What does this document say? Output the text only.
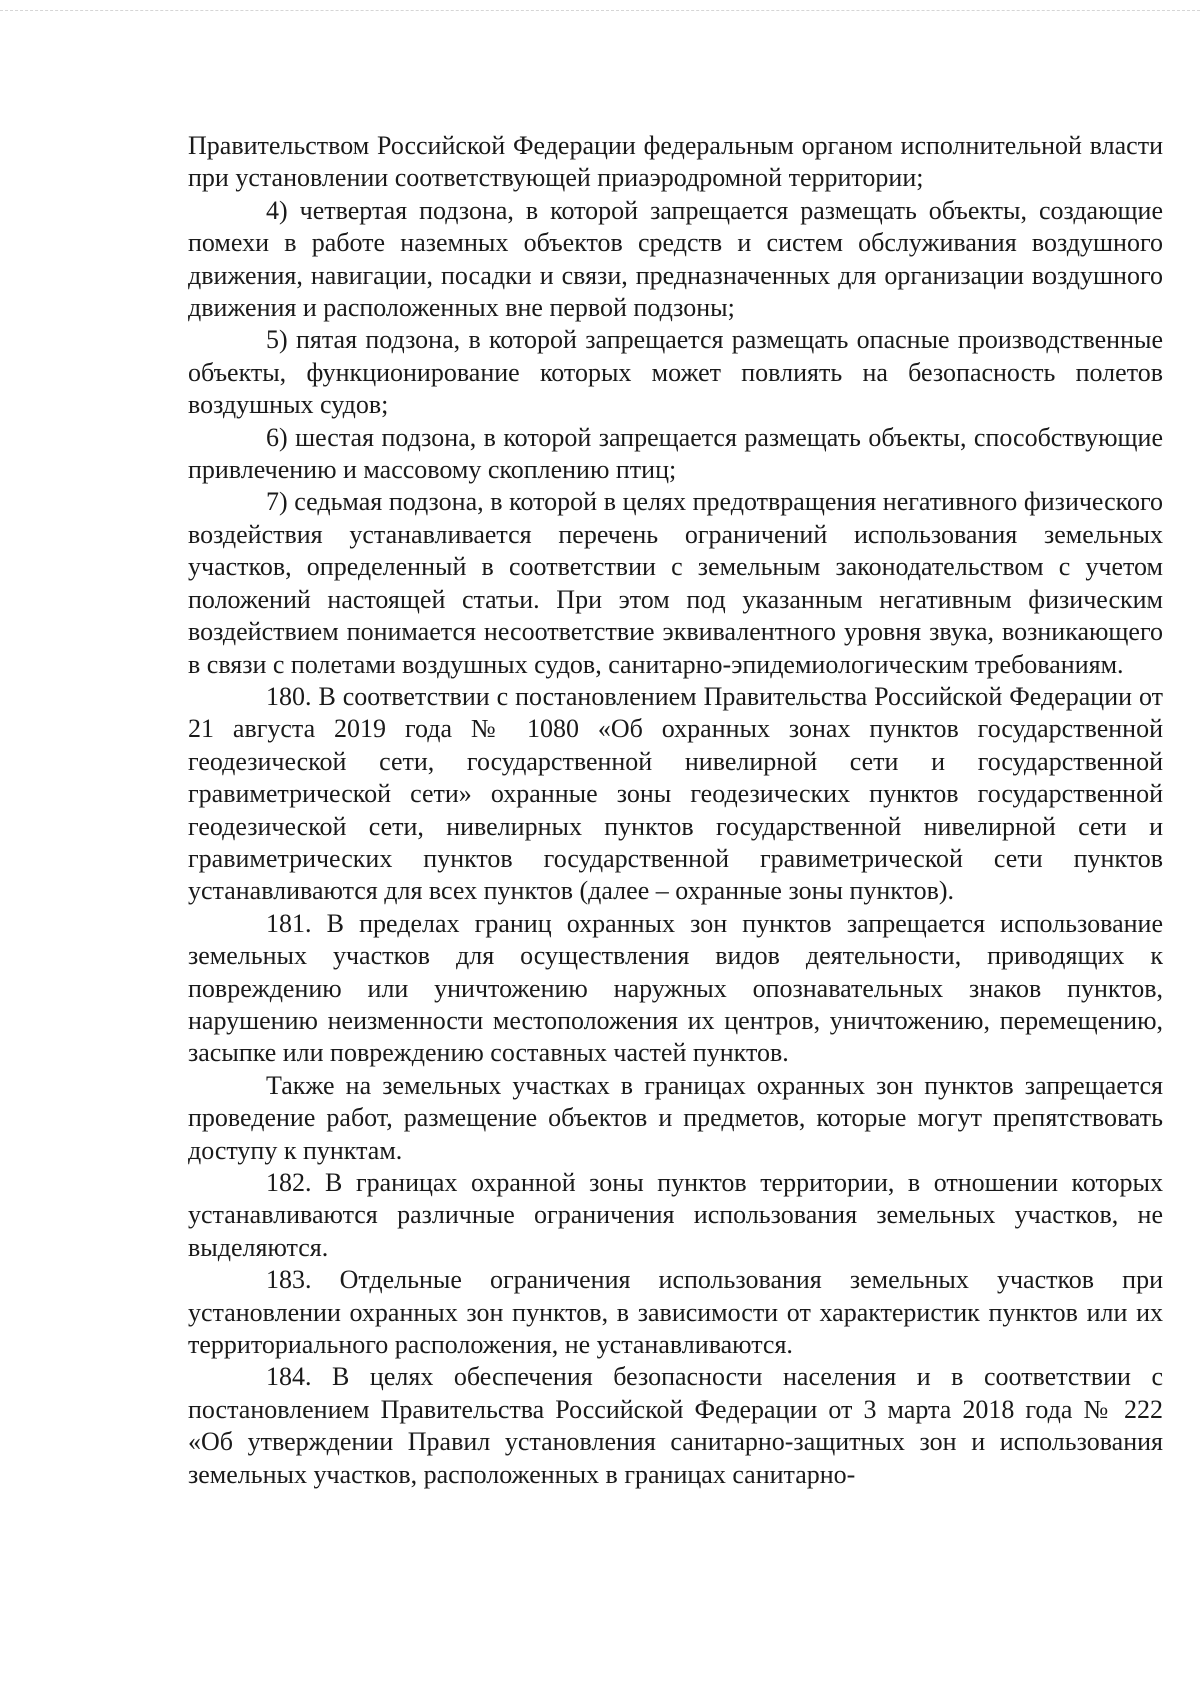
Правительством Российской Федерации федеральным органом исполнительной власти при установлении соответствующей приаэродромной территории;

4) четвертая подзона, в которой запрещается размещать объекты, создающие помехи в работе наземных объектов средств и систем обслуживания воздушного движения, навигации, посадки и связи, предназначенных для организации воздушного движения и расположенных вне первой подзоны;

5) пятая подзона, в которой запрещается размещать опасные производственные объекты, функционирование которых может повлиять на безопасность полетов воздушных судов;

6) шестая подзона, в которой запрещается размещать объекты, способствующие привлечению и массовому скоплению птиц;

7) седьмая подзона, в которой в целях предотвращения негативного физического воздействия устанавливается перечень ограничений использования земельных участков, определенный в соответствии с земельным законодательством с учетом положений настоящей статьи. При этом под указанным негативным физическим воздействием понимается несоответствие эквивалентного уровня звука, возникающего в связи с полетами воздушных судов, санитарно-эпидемиологическим требованиям.

180. В соответствии с постановлением Правительства Российской Федерации от 21 августа 2019 года № 1080 «Об охранных зонах пунктов государственной геодезической сети, государственной нивелирной сети и государственной гравиметрической сети» охранные зоны геодезических пунктов государственной геодезической сети, нивелирных пунктов государственной нивелирной сети и гравиметрических пунктов государственной гравиметрической сети пунктов устанавливаются для всех пунктов (далее – охранные зоны пунктов).

181. В пределах границ охранных зон пунктов запрещается использование земельных участков для осуществления видов деятельности, приводящих к повреждению или уничтожению наружных опознавательных знаков пунктов, нарушению неизменности местоположения их центров, уничтожению, перемещению, засыпке или повреждению составных частей пунктов.

Также на земельных участках в границах охранных зон пунктов запрещается проведение работ, размещение объектов и предметов, которые могут препятствовать доступу к пунктам.

182. В границах охранной зоны пунктов территории, в отношении которых устанавливаются различные ограничения использования земельных участков, не выделяются.

183. Отдельные ограничения использования земельных участков при установлении охранных зон пунктов, в зависимости от характеристик пунктов или их территориального расположения, не устанавливаются.

184. В целях обеспечения безопасности населения и в соответствии с постановлением Правительства Российской Федерации от 3 марта 2018 года № 222 «Об утверждении Правил установления санитарно-защитных зон и использования земельных участков, расположенных в границах санитарно-
